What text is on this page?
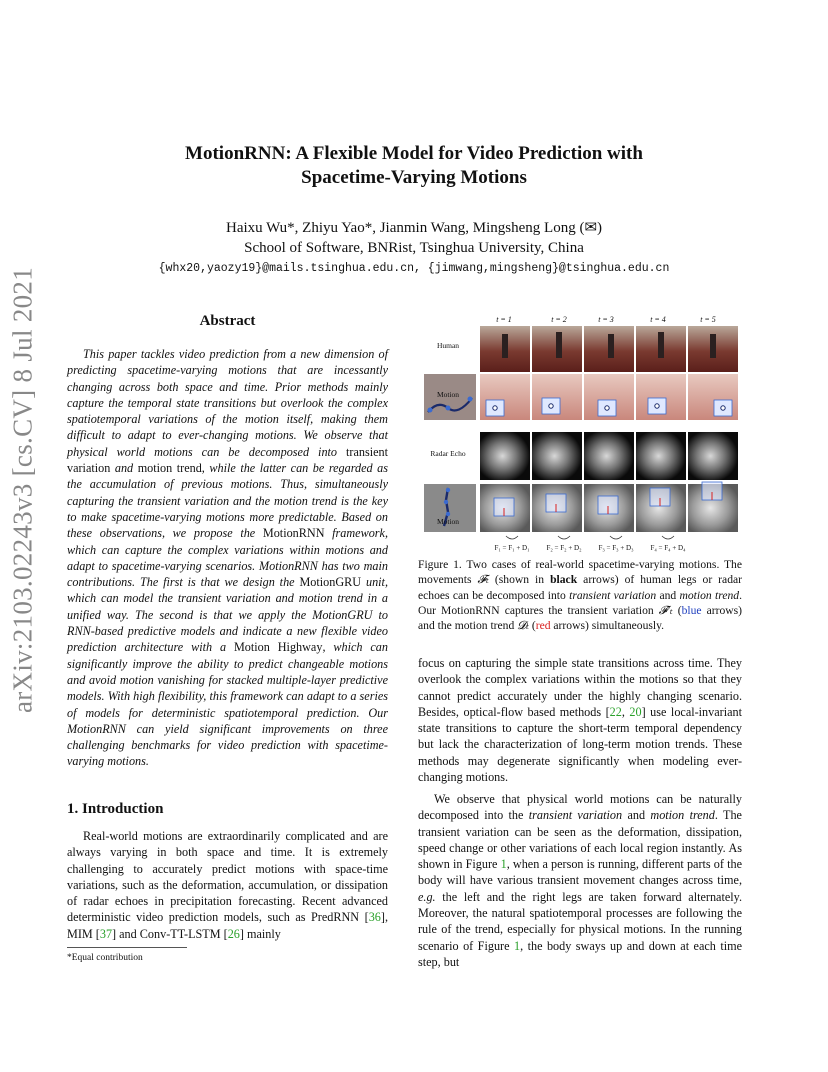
arXiv:2103.02243v3 [cs.CV] 8 Jul 2021
MotionRNN: A Flexible Model for Video Prediction with
Spacetime-Varying Motions
Haixu Wu*, Zhiyu Yao*, Jianmin Wang, Mingsheng Long (✉)
School of Software, BNRist, Tsinghua University, China
{whx20,yaozy19}@mails.tsinghua.edu.cn, {jimwang,mingsheng}@tsinghua.edu.cn
Abstract

This paper tackles video prediction from a new dimension of predicting spacetime-varying motions that are incessantly changing across both space and time. Prior methods mainly capture the temporal state transitions but overlook the complex spatiotemporal variations of the motion itself, making them difficult to adapt to ever-changing motions. We observe that physical world motions can be decomposed into transient variation and motion trend, while the latter can be regarded as the accumulation of previous motions. Thus, simultaneously capturing the transient variation and the motion trend is the key to make spacetime-varying motions more predictable. Based on these observations, we propose the MotionRNN framework, which can capture the complex variations within motions and adapt to spacetime-varying scenarios. MotionRNN has two main contributions. The first is that we design the MotionGRU unit, which can model the transient variation and motion trend in a unified way. The second is that we apply the MotionGRU to RNN-based predictive models and indicate a new flexible video prediction architecture with a Motion Highway, which can significantly improve the ability to predict changeable motions and avoid motion vanishing for stacked multiple-layer predictive models. With high flexibility, this framework can adapt to a series of models for deterministic spatiotemporal prediction. Our MotionRNN can yield significant improvements on three challenging benchmarks for video prediction with spacetime-varying motions.

1. Introduction

Real-world motions are extraordinarily complicated and are always varying in both space and time. It is extremely challenging to accurately predict motions with space-time variations, such as the deformation, accumulation, or dissipation of radar echoes in precipitation forecasting. Recent advanced deterministic video prediction models, such as PredRNN [36], MIM [37] and Conv-TT-LSTM [26] mainly

*Equal contribution
t = 1	t = 2	t = 3	t = 4	t = 5
Human
Radar Echo
Motion
Motion
F₁ = F₁ + D₁ F₂ = F₂ + D₂ F₃ = F₃ + D₃ F₄ = F₄ + D₄

Figure 1. Two cases of real-world spacetime-varying motions. The movements 𝓕ₜ (shown in black arrows) of human legs or radar echoes can be decomposed into transient variation and motion trend. Our MotionRNN captures the transient variation 𝓕′ₜ (blue arrows) and the motion trend 𝓓ₜ (red arrows) simultaneously.

focus on capturing the simple state transitions across time. They overlook the complex variations within the motions so that they cannot predict accurately under the highly changing scenario. Besides, optical-flow based methods [22, 20] use local-invariant state transitions to capture the short-term temporal dependency but lack the characterization of long-term motion trends. These methods may degenerate significantly when modeling ever-changing motions.

We observe that physical world motions can be naturally decomposed into the transient variation and motion trend. The transient variation can be seen as the deformation, dissipation, speed change or other variations of each local region instantly. As shown in Figure 1, when a person is running, different parts of the body will have various transient movement changes across time, e.g. the left and the right legs are taken forward alternately. Moreover, the natural spatiotemporal processes are following the rule of the trend, especially for physical motions. In the running scenario of Figure 1, the body sways up and down at each time step, but
